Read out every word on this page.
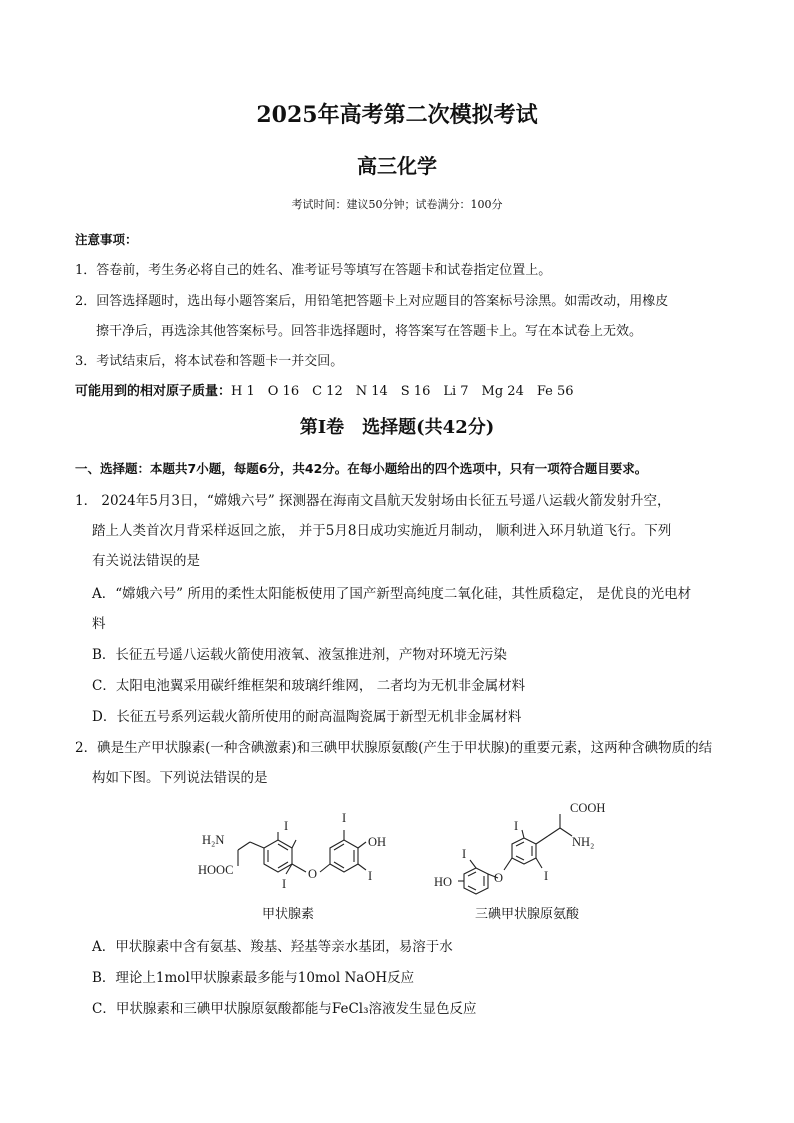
2025年高考第二次模拟考试
高三化学
考试时间：建议50分钟；试卷满分：100分
注意事项：
1．答卷前，考生务必将自己的姓名、准考证号等填写在答题卡和试卷指定位置上。
2．回答选择题时，选出每小题答案后，用铅笔把答题卡上对应题目的答案标号涂黑。如需改动，用橡皮
擦干净后，再选涂其他答案标号。回答非选择题时，将答案写在答题卡上。写在本试卷上无效。
3．考试结束后，将本试卷和答题卡一并交回。
可能用到的相对原子质量：H 1　O 16　C 12　N 14　S 16　Li 7　Mg 24　Fe 56
第Ⅰ卷　选择题(共42分)
一、选择题：本题共7小题，每题6分，共42分。在每小题给出的四个选项中，只有一项符合题目要求。
1． 2024年5月3日，“嫦娥六号” 探测器在海南文昌航天发射场由长征五号遥八运载火箭发射升空，
踏上人类首次月背采样返回之旅， 并于5月8日成功实施近月制动， 顺利进入环月轨道飞行。下列
有关说法错误的是
A．“嫦娥六号” 所用的柔性太阳能板使用了国产新型高纯度二氧化硅，其性质稳定， 是优良的光电材
料
B．长征五号遥八运载火箭使用液氧、液氢推进剂，产物对环境无污染
C．太阳电池翼采用碳纤维框架和玻璃纤维网， 二者均为无机非金属材料
D．长征五号系列运载火箭所使用的耐高温陶瓷属于新型无机非金属材料
2．碘是生产甲状腺素(一种含碘激素)和三碘甲状腺原氨酸(产生于甲状腺)的重要元素，这两种含碘物质的结
构如下图。下列说法错误的是
H₂N
HOOC
I
I
I
I
OH
O
甲状腺素
COOH
NH₂
I
I
I
HO	O
三碘甲状腺原氨酸
A．甲状腺素中含有氨基、羧基、羟基等亲水基团，易溶于水
B．理论上1mol甲状腺素最多能与10mol NaOH反应
C．甲状腺素和三碘甲状腺原氨酸都能与FeCl₃溶液发生显色反应
